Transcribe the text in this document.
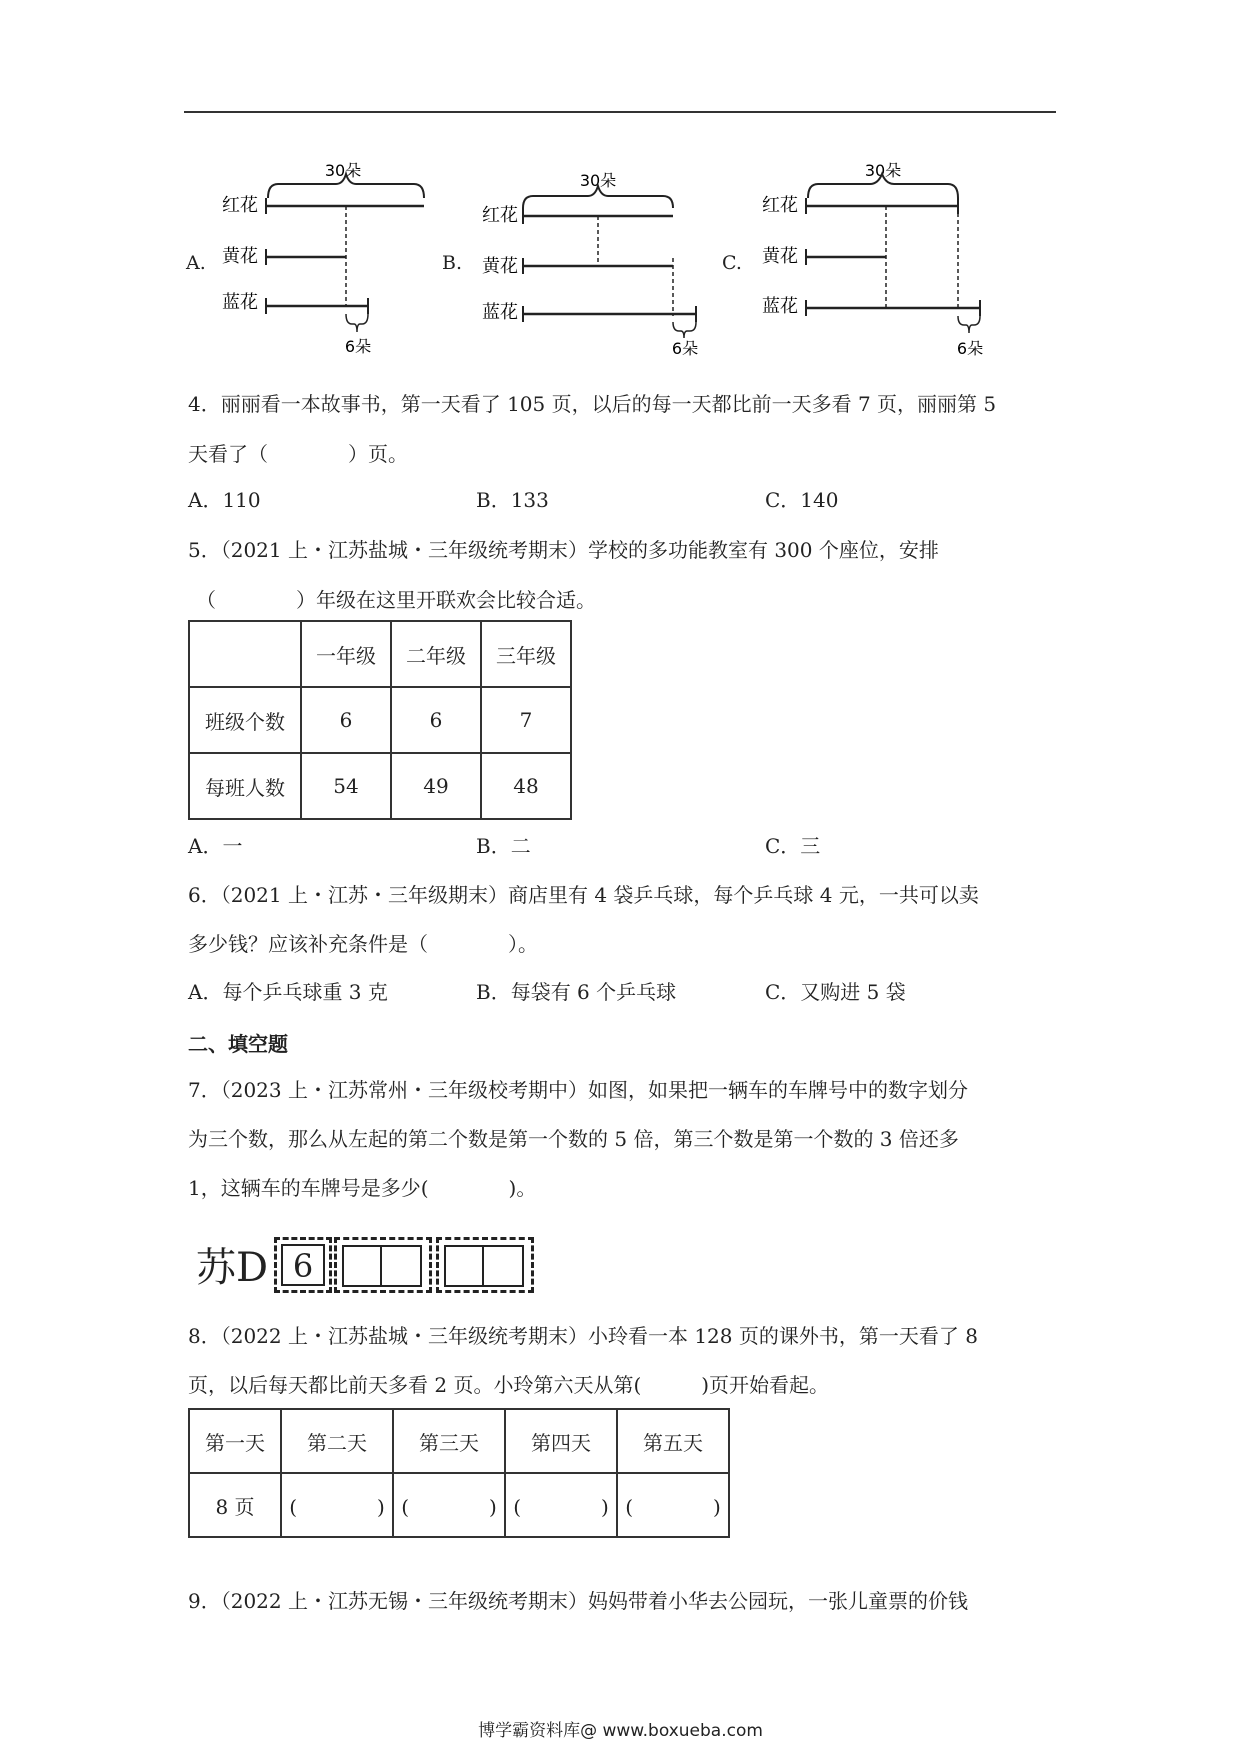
A.
30朵
红花
黄花
蓝花
6朵
B.
30朵
红花
黄花
蓝花
6朵
C.
30朵
红花
黄花
蓝花
6朵
4．丽丽看一本故事书，第一天看了 105 页，以后的每一天都比前一天多看 7 页，丽丽第 5
天看了（　　　　）页。
A．110	B．133	C．140
5．（2021 上・江苏盐城・三年级统考期末）学校的多功能教室有 300 个座位，安排
（　　　　）年级在这里开联欢会比较合适。
	一年级	二年级	三年级
班级个数	6	6	7
每班人数	54	49	48
A．一	B．二	C．三
6．（2021 上・江苏・三年级期末）商店里有 4 袋乒乓球，每个乒乓球 4 元，一共可以卖
多少钱？应该补充条件是（　　　　）。
A．每个乒乓球重 3 克	B．每袋有 6 个乒乓球	C．又购进 5 袋
二、填空题
7．（2023 上・江苏常州・三年级校考期中）如图，如果把一辆车的车牌号中的数字划分
为三个数，那么从左起的第二个数是第一个数的 5 倍，第三个数是第一个数的 3 倍还多
1，这辆车的车牌号是多少(　　　　)。
苏D 6
8．（2022 上・江苏盐城・三年级统考期末）小玲看一本 128 页的课外书，第一天看了 8
页，以后每天都比前天多看 2 页。小玲第六天从第(　　　)页开始看起。
第一天	第二天	第三天	第四天	第五天
8 页	(　　　　)	(　　　　)	(　　　　)	(　　　　)
9．（2022 上・江苏无锡・三年级统考期末）妈妈带着小华去公园玩，一张儿童票的价钱
博学霸资料库@ www.boxueba.com
